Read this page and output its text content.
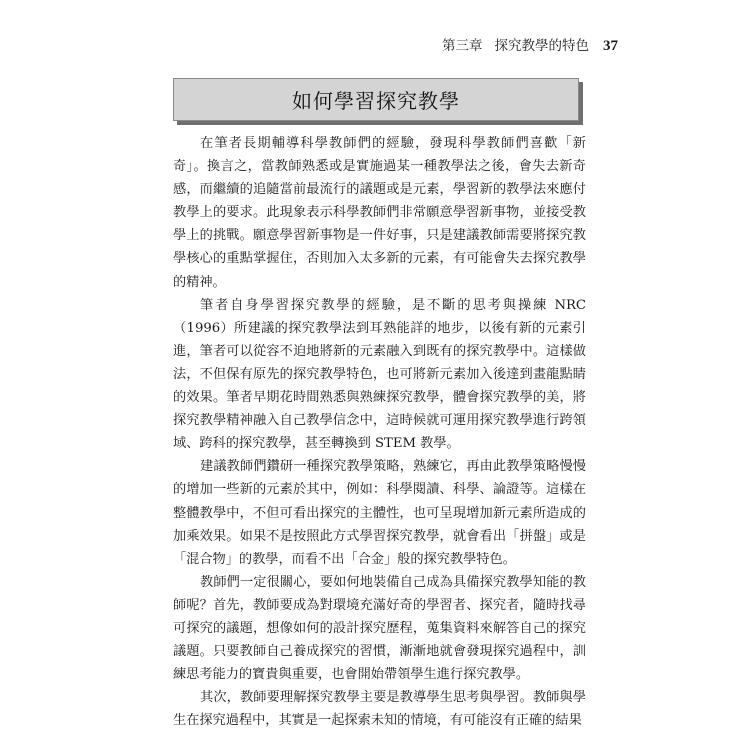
第三章 探究教學的特色 37
如何學習探究教學

在筆者長期輔導科學教師們的經驗，發現科學教師們喜歡「新奇」。換言之，當教師熟悉或是實施過某一種教學法之後，會失去新奇感，而繼續的追隨當前最流行的議題或是元素，學習新的教學法來應付教學上的要求。此現象表示科學教師們非常願意學習新事物，並接受教學上的挑戰。願意學習新事物是一件好事，只是建議教師需要將探究教學核心的重點掌握住，否則加入太多新的元素，有可能會失去探究教學的精神。

筆者自身學習探究教學的經驗，是不斷的思考與操練 NRC（1996）所建議的探究教學法到耳熟能詳的地步，以後有新的元素引進，筆者可以從容不迫地將新的元素融入到既有的探究教學中。這樣做法，不但保有原先的探究教學特色，也可將新元素加入後達到畫龍點睛的效果。筆者早期花時間熟悉與熟練探究教學，體會探究教學的美，將探究教學精神融入自己教學信念中，這時候就可運用探究教學進行跨領域、跨科的探究教學，甚至轉換到 STEM 教學。

建議教師們鑽研一種探究教學策略，熟練它，再由此教學策略慢慢的增加一些新的元素於其中，例如：科學閱讀、科學、論證等。這樣在整體教學中，不但可看出探究的主體性，也可呈現增加新元素所造成的加乘效果。如果不是按照此方式學習探究教學，就會看出「拼盤」或是「混合物」的教學，而看不出「合金」般的探究教學特色。

教師們一定很關心，要如何地裝備自己成為具備探究教學知能的教師呢？首先，教師要成為對環境充滿好奇的學習者、探究者，隨時找尋可探究的議題，想像如何的設計探究歷程，蒐集資料來解答自己的探究議題。只要教師自己養成探究的習慣，漸漸地就會發現探究過程中，訓練思考能力的寶貴與重要，也會開始帶領學生進行探究教學。

其次，教師要理解探究教學主要是教導學生思考與學習。教師與學生在探究過程中，其實是一起探索未知的情境，有可能沒有正確的結果
